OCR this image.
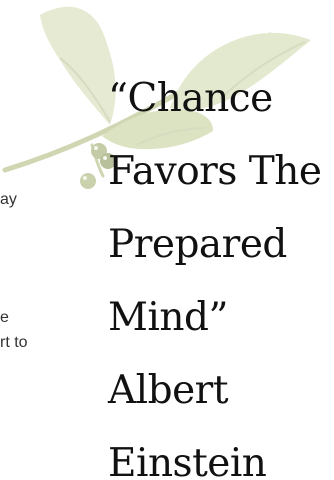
ay
e
rt to
“Chance
Favors The
Prepared
Mind”
Albert
Einstein
